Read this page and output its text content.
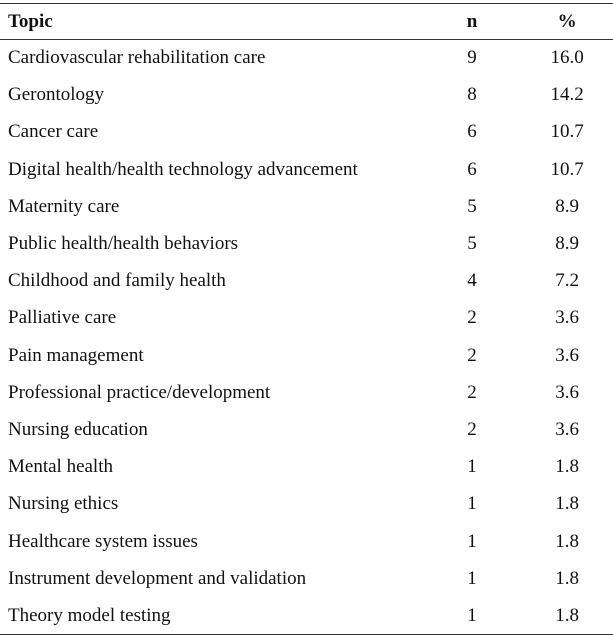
Topic	n	%
Cardiovascular rehabilitation care	9	16.0
Gerontology	8	14.2
Cancer care	6	10.7
Digital health/health technology advancement	6	10.7
Maternity care	5	8.9
Public health/health behaviors	5	8.9
Childhood and family health	4	7.2
Palliative care	2	3.6
Pain management	2	3.6
Professional practice/development	2	3.6
Nursing education	2	3.6
Mental health	1	1.8
Nursing ethics	1	1.8
Healthcare system issues	1	1.8
Instrument development and validation	1	1.8
Theory model testing	1	1.8
